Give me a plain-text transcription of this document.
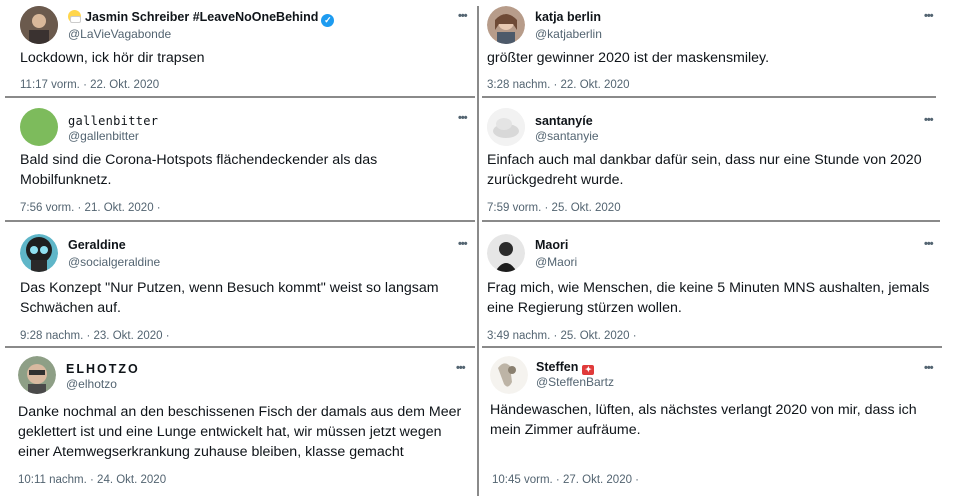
Jasmin Schreiber #LeaveNoOneBehind ✓
@LaVieVagabonde
•••
Lockdown, ick hör dir trapsen
11:17 vorm. · 22. Okt. 2020
katja berlin
@katjaberlin
•••
größter gewinner 2020 ist der maskensmiley.
3:28 nachm. · 22. Okt. 2020
gallenbitter
@gallenbitter
•••
Bald sind die Corona-Hotspots flächendeckender als das Mobilfunknetz.
7:56 vorm. · 21. Okt. 2020 ·
santanyíe
@santanyie
•••
Einfach auch mal dankbar dafür sein, dass nur eine Stunde von 2020 zurückgedreht wurde.
7:59 vorm. · 25. Okt. 2020
Geraldine
@socialgeraldine
•••
Das Konzept "Nur Putzen, wenn Besuch kommt" weist so langsam Schwächen auf.
9:28 nachm. · 23. Okt. 2020 ·
Maori
@Maori
•••
Frag mich, wie Menschen, die keine 5 Minuten MNS aushalten, jemals eine Regierung stürzen wollen.
3:49 nachm. · 25. Okt. 2020 ·
ELHOTZO
@elhotzo
•••
Danke nochmal an den beschissenen Fisch der damals aus dem Meer geklettert ist und eine Lunge entwickelt hat, wir müssen jetzt wegen einer Atemwegserkrankung zuhause bleiben, klasse gemacht
10:11 nachm. · 24. Okt. 2020
Steffen ✦
@SteffenBartz
•••
Händewaschen, lüften, als nächstes verlangt 2020 von mir, dass ich mein Zimmer aufräume.
10:45 vorm. · 27. Okt. 2020 ·
